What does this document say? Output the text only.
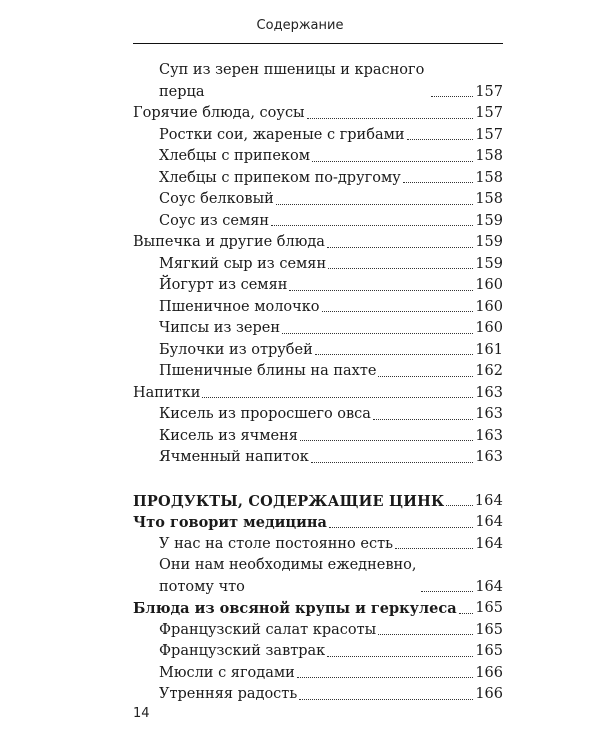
Содержание
Суп из зерен пшеницы и красного перца	157
Горячие блюда, соусы	157
Ростки сои, жареные с грибами	157
Хлебцы с припеком	158
Хлебцы с припеком по-другому	158
Соус белковый	158
Соус из семян	159
Выпечка и другие блюда	159
Мягкий сыр из семян	159
Йогурт из семян	160
Пшеничное молочко	160
Чипсы из зерен	160
Булочки из отрубей	161
Пшеничные блины на пахте	162
Напитки	163
Кисель из проросшего овса	163
Кисель из ячменя	163
Ячменный напиток	163
ПРОДУКТЫ, СОДЕРЖАЩИЕ ЦИНК 164
Что говорит медицина	164
У нас на столе постоянно есть	164
Они нам необходимы ежедневно, потому что	164
Блюда из овсяной крупы и геркулеса 165
Французский салат красоты	165
Французский завтрак	165
Мюсли с ягодами	166
Утренняя радость	166
14
